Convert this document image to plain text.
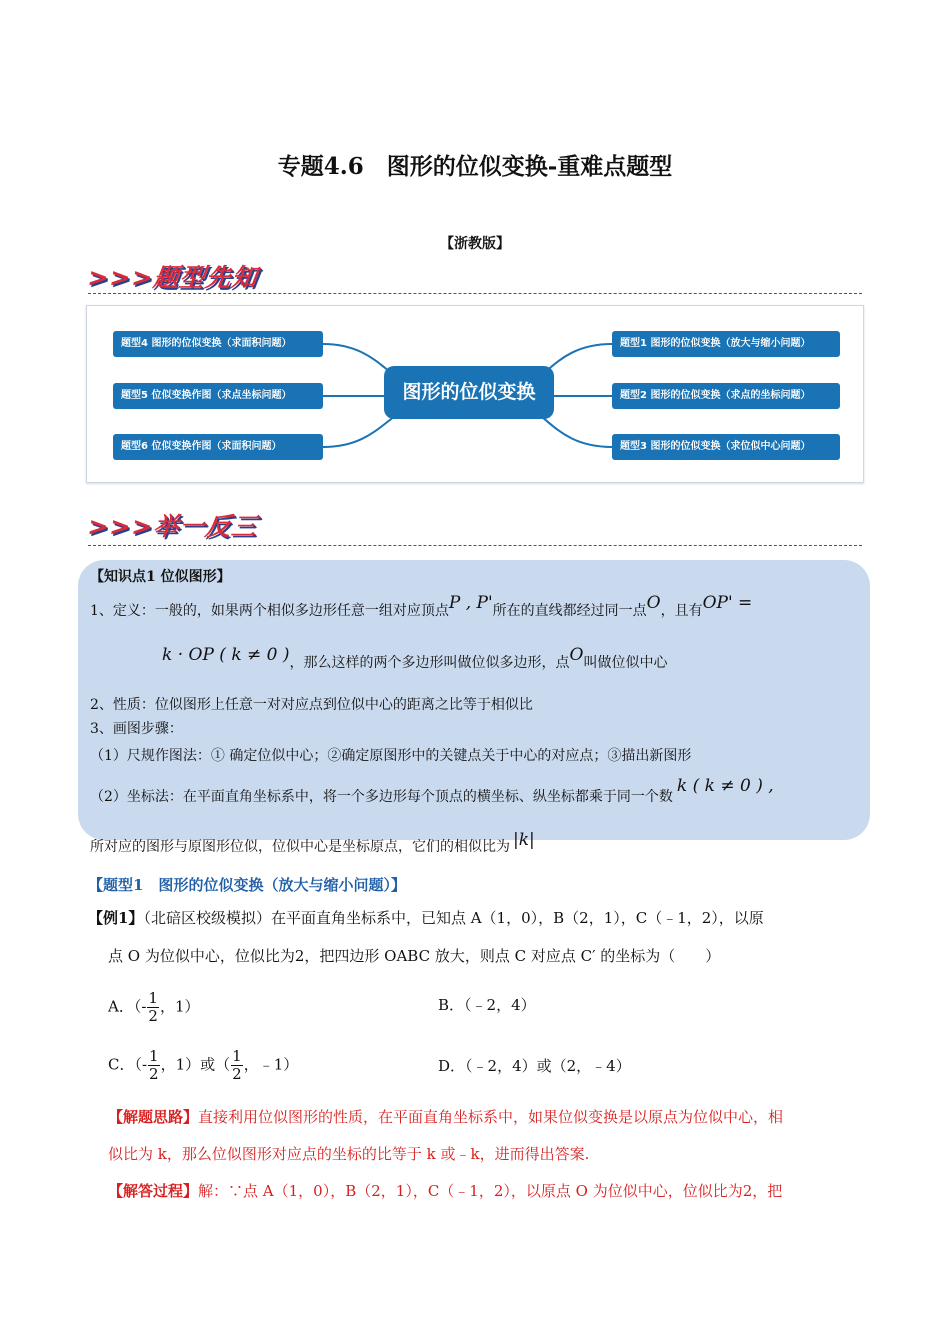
专题4.6　图形的位似变换-重难点题型
【浙教版】
>>>题型先知
题型4 图形的位似变换（求面积问题）
题型5 位似变换作图（求点坐标问题）
题型6 位似变换作图（求面积问题）
图形的位似变换
题型1 图形的位似变换（放大与缩小问题）
题型2 图形的位似变换（求点的坐标问题）
题型3 图形的位似变换（求位似中心问题）
>>>举一反三
【知识点1 位似图形】
1、定义：一般的，如果两个相似多边形任意一组对应顶点P , P'所在的直线都经过同一点O，且有OP' =
k · OP ( k ≠ 0 )，那么这样的两个多边形叫做位似多边形，点O叫做位似中心
2、性质：位似图形上任意一对对应点到位似中心的距离之比等于相似比
3、画图步骤：
（1）尺规作图法：① 确定位似中心；②确定原图形中的关键点关于中心的对应点；③描出新图形
（2）坐标法：在平面直角坐标系中，将一个多边形每个顶点的横坐标、纵坐标都乘于同一个数k ( k ≠ 0 ) ,
所对应的图形与原图形位似，位似中心是坐标原点，它们的相似比为 |k|
【题型1　图形的位似变换（放大与缩小问题）】
【例1】（北碚区校级模拟）在平面直角坐标系中，已知点 A（1，0），B（2，1），C（﹣1，2），以原
点 O 为位似中心，位似比为2，把四边形 OABC 放大，则点 C 对应点 C′ 的坐标为（　　）
A．（- $\frac{1}{2}$ ，1）	B．（﹣2，4）
C．（- $\frac{1}{2}$ ，1）或（ $\frac{1}{2}$ ，﹣1）	D．（﹣2，4）或（2，﹣4）
【解题思路】直接利用位似图形的性质，在平面直角坐标系中，如果位似变换是以原点为位似中心，相
似比为 k，那么位似图形对应点的坐标的比等于 k 或﹣k，进而得出答案.
【解答过程】解：∵点 A（1，0），B（2，1），C（﹣1，2），以原点 O 为位似中心，位似比为2，把
